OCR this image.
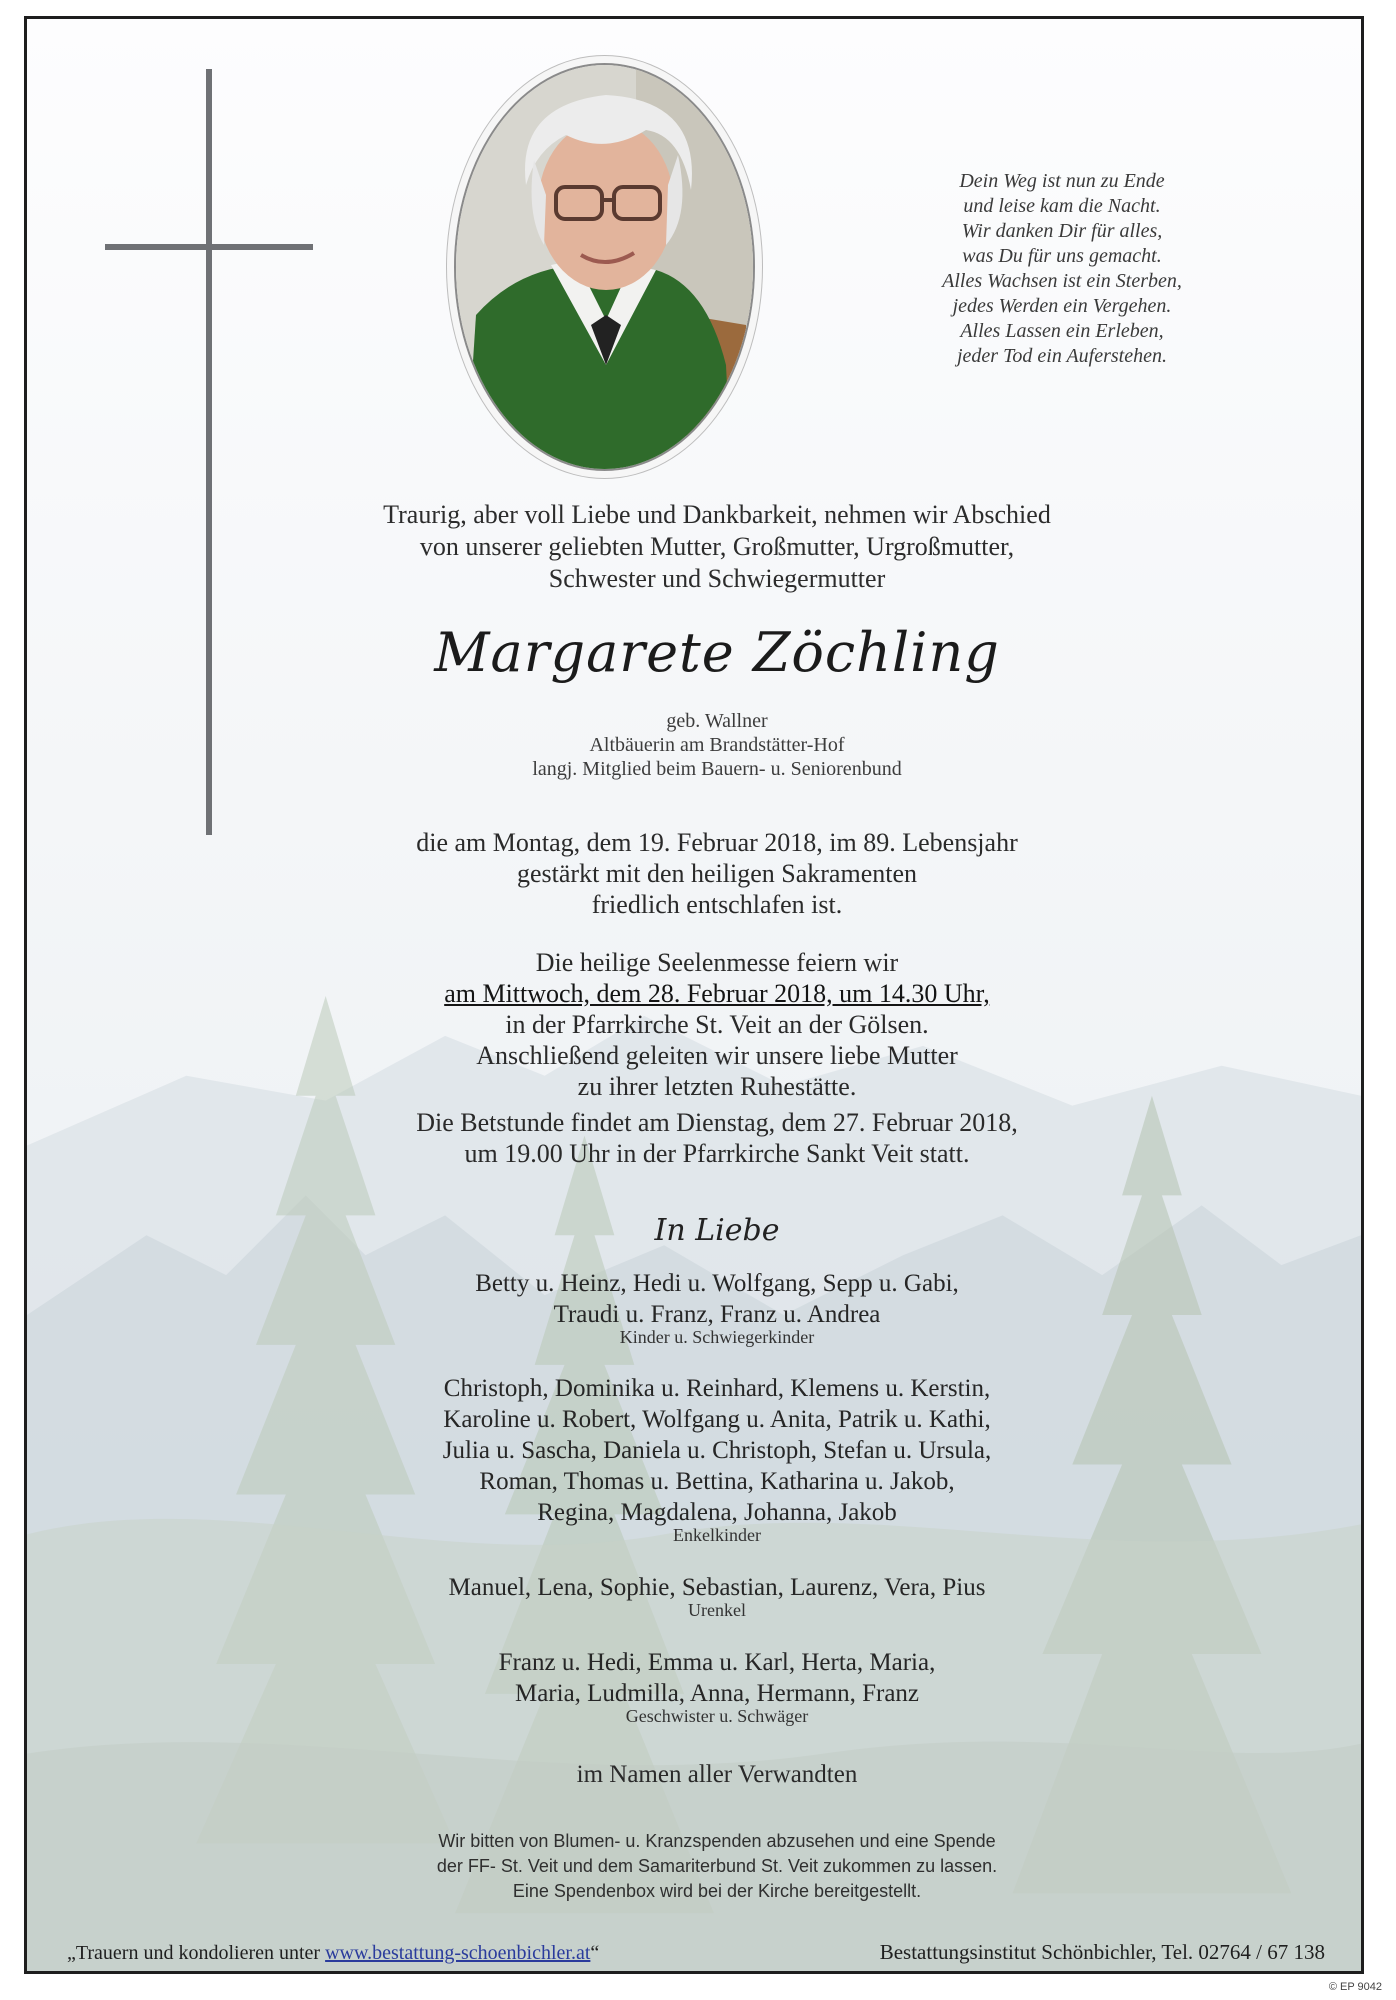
Dein Weg ist nun zu Ende
und leise kam die Nacht.
Wir danken Dir für alles,
was Du für uns gemacht.
Alles Wachsen ist ein Sterben,
jedes Werden ein Vergehen.
Alles Lassen ein Erleben,
jeder Tod ein Auferstehen.
Traurig, aber voll Liebe und Dankbarkeit, nehmen wir Abschied
von unserer geliebten Mutter, Großmutter, Urgroßmutter,
Schwester und Schwiegermutter
Margarete Zöchling
geb. Wallner
Altbäuerin am Brandstätter-Hof
langj. Mitglied beim Bauern- u. Seniorenbund
die am Montag, dem 19. Februar 2018, im 89. Lebensjahr
gestärkt mit den heiligen Sakramenten
friedlich entschlafen ist.
Die heilige Seelenmesse feiern wir
am Mittwoch, dem 28. Februar 2018, um 14.30 Uhr,
in der Pfarrkirche St. Veit an der Gölsen.
Anschließend geleiten wir unsere liebe Mutter
zu ihrer letzten Ruhestätte.
Die Betstunde findet am Dienstag, dem 27. Februar 2018,
um 19.00 Uhr in der Pfarrkirche Sankt Veit statt.
In Liebe
Betty u. Heinz, Hedi u. Wolfgang, Sepp u. Gabi,
Traudi u. Franz, Franz u. Andrea
Kinder u. Schwiegerkinder
Christoph, Dominika u. Reinhard, Klemens u. Kerstin,
Karoline u. Robert, Wolfgang u. Anita, Patrik u. Kathi,
Julia u. Sascha, Daniela u. Christoph, Stefan u. Ursula,
Roman, Thomas u. Bettina, Katharina u. Jakob,
Regina, Magdalena, Johanna, Jakob
Enkelkinder
Manuel, Lena, Sophie, Sebastian, Laurenz, Vera, Pius
Urenkel
Franz u. Hedi, Emma u. Karl, Herta, Maria,
Maria, Ludmilla, Anna, Hermann, Franz
Geschwister u. Schwäger
im Namen aller Verwandten
Wir bitten von Blumen- u. Kranzspenden abzusehen und eine Spende
der FF- St. Veit und dem Samariterbund St. Veit zukommen zu lassen.
Eine Spendenbox wird bei der Kirche bereitgestellt.
„Trauern und kondolieren unter www.bestattung-schoenbichler.at“	Bestattungsinstitut Schönbichler, Tel. 02764 / 67 138
© EP 9042
